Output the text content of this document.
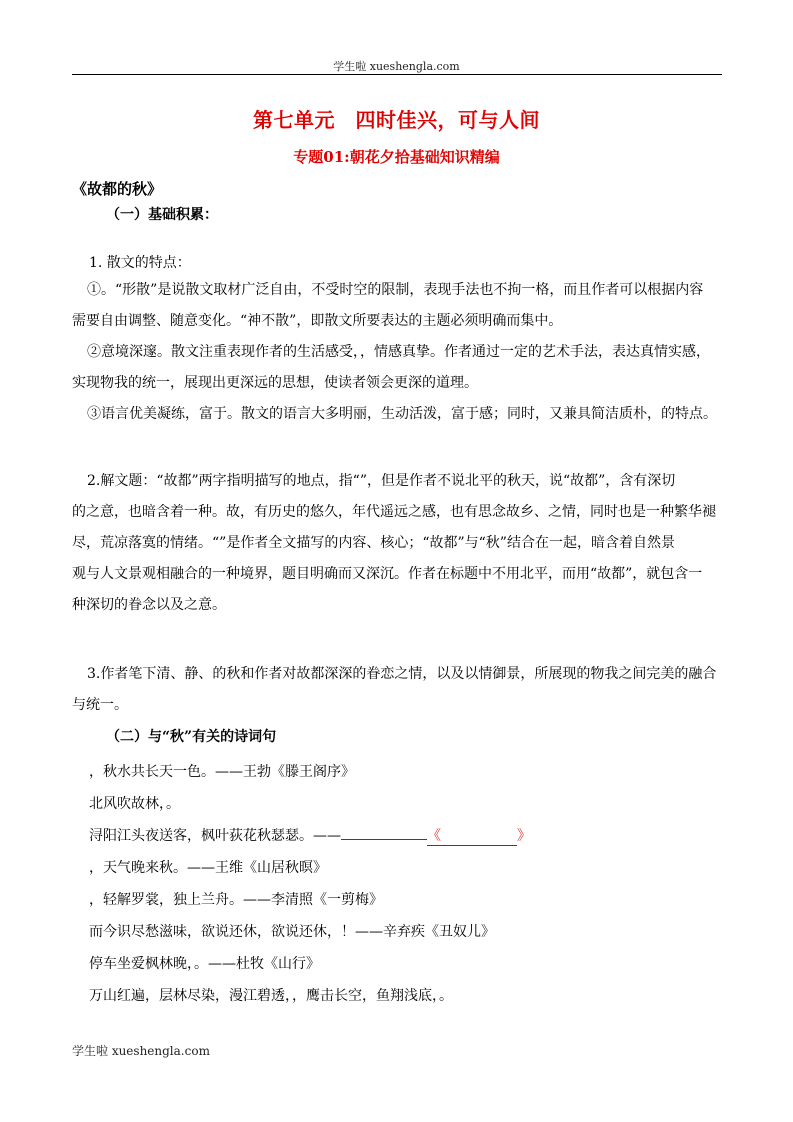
学生啦 xueshengla.com
第七单元　四时佳兴，可与人间
专题01:朝花夕拾基础知识精编
《故都的秋》
（一）基础积累：
1. 散文的特点：
①。“形散”是说散文取材广泛自由，不受时空的限制，表现手法也不拘一格，而且作者可以根据内容
需要自由调整、随意变化。“神不散”，即散文所要表达的主题必须明确而集中。
②意境深邃。散文注重表现作者的生活感受，，情感真挚。作者通过一定的艺术手法，表达真情实感，
实现物我的统一，展现出更深远的思想，使读者领会更深的道理。
③语言优美凝练，富于。散文的语言大多明丽，生动活泼，富于感；同时，又兼具简洁质朴，的特点。
2.解文题：“故都”两字指明描写的地点，指“”，但是作者不说北平的秋天，说“故都”，含有深切
的之意，也暗含着一种。故，有历史的悠久，年代遥远之感，也有思念故乡、之情，同时也是一种繁华褪
尽，荒凉落寞的情绪。“”是作者全文描写的内容、核心；“故都”与“秋”结合在一起，暗含着自然景
观与人文景观相融合的一种境界，题目明确而又深沉。作者在标题中不用北平，而用“故都”，就包含一
种深切的眷念以及之意。
3.作者笔下清、静、的秋和作者对故都深深的眷恋之情，以及以情御景，所展现的物我之间完美的融合
与统一。
（二）与“秋”有关的诗词句
，秋水共长天一色。——王勃《滕王阁序》
北风吹故林，。
浔阳江头夜送客，枫叶荻花秋瑟瑟。——	《	》
，天气晚来秋。——王维《山居秋暝》
，轻解罗裳，独上兰舟。——李清照《一剪梅》
而今识尽愁滋味，欲说还休，欲说还休，！——辛弃疾《丑奴儿》
停车坐爱枫林晚，。——杜牧《山行》
万山红遍，层林尽染，漫江碧透，，鹰击长空，鱼翔浅底，。
学生啦 xueshengla.com
